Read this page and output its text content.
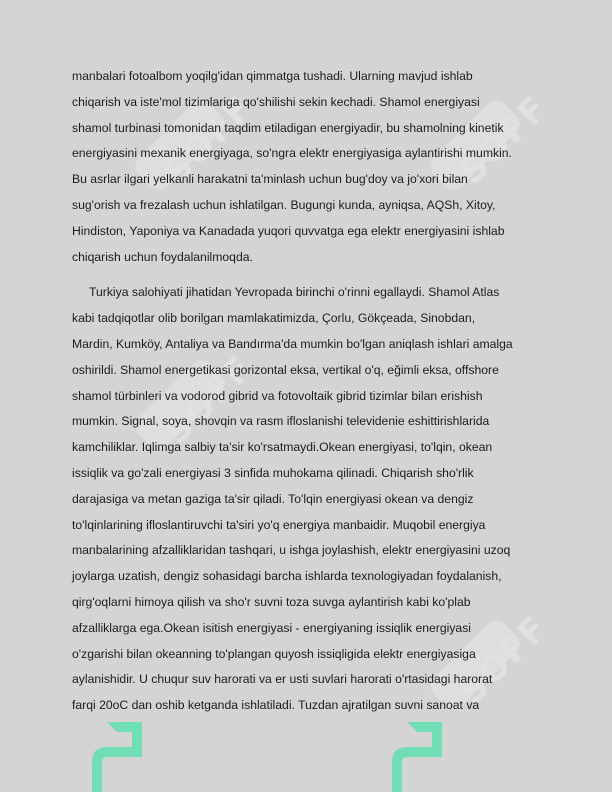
SOFF	SOFF
SOFF
SOFF

manbalari fotoalbom yoqilg'idan qimmatga tushadi. Ularning mavjud ishlab
chiqarish va iste'mol tizimlariga qo'shilishi sekin kechadi. Shamol energiyasi
shamol turbinasi tomonidan taqdim etiladigan energiyadir, bu shamolning kinetik
energiyasini mexanik energiyaga, so'ngra elektr energiyasiga aylantirishi mumkin.
Bu asrlar ilgari yelkanli harakatni ta'minlash uchun bug'doy va jo'xori bilan
sug'orish va frezalash uchun ishlatilgan. Bugungi kunda, ayniqsa, AQSh, Xitoy,
Hindiston, Yaponiya va Kanadada yuqori quvvatga ega elektr energiyasini ishlab
chiqarish uchun foydalanilmoqda.

Turkiya salohiyati jihatidan Yevropada birinchi o'rinni egallaydi. Shamol Atlas
kabi tadqiqotlar olib borilgan mamlakatimizda, Çorlu, Gökçeada, Sinobdan,
Mardin, Kumköy, Antaliya va Bandırma'da mumkin bo'lgan aniqlash ishlari amalga
oshirildi. Shamol energetikasi gorizontal eksa, vertikal o'q, eğimli eksa, offshore
shamol türbinleri va vodorod gibrid va fotovoltaik gibrid tizimlar bilan erishish
mumkin. Signal, soya, shovqin va rasm ifloslanishi televidenie eshittirishlarida
kamchiliklar. Iqlimga salbiy ta'sir ko'rsatmaydi.Okean energiyasi, to'lqin, okean
issiqlik va go'zali energiyasi 3 sinfida muhokama qilinadi. Chiqarish sho'rlik
darajasiga va metan gaziga ta'sir qiladi. To'lqin energiyasi okean va dengiz
to'lqinlarining ifloslantiruvchi ta'siri yo'q energiya manbaidir. Muqobil energiya
manbalarining afzalliklaridan tashqari, u ishga joylashish, elektr energiyasini uzoq
joylarga uzatish, dengiz sohasidagi barcha ishlarda texnologiyadan foydalanish,
qirg'oqlarni himoya qilish va sho'r suvni toza suvga aylantirish kabi ko'plab
afzalliklarga ega.Okean isitish energiyasi - energiyaning issiqlik energiyasi
o'zgarishi bilan okeanning to'plangan quyosh issiqligida elektr energiyasiga
aylanishidir. U chuqur suv harorati va er usti suvlari harorati o'rtasidagi harorat
farqi 20oC dan oshib ketganda ishlatiladi. Tuzdan ajratilgan suvni sanoat va
